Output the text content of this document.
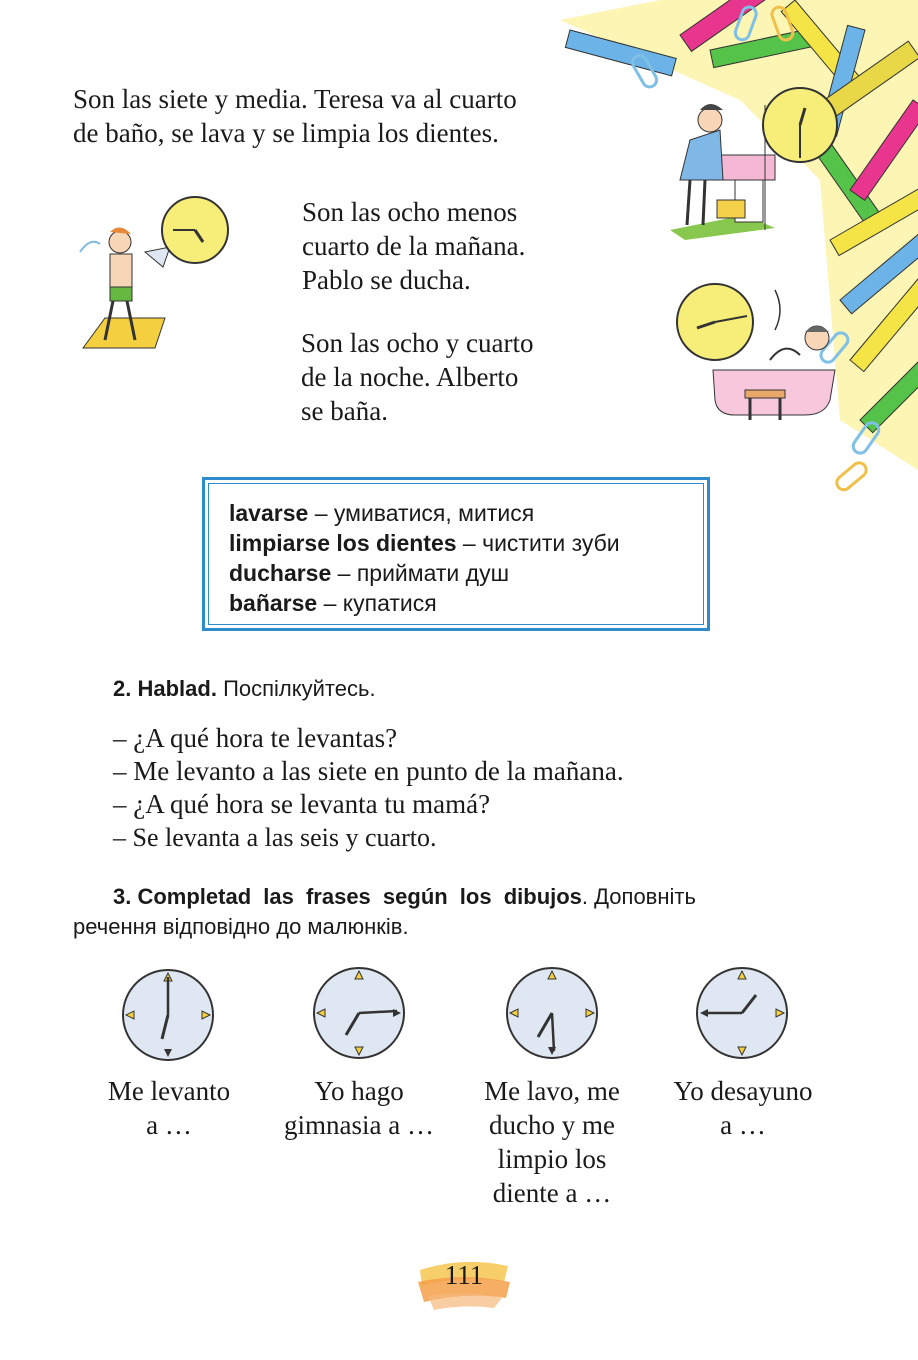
Son las siete y media. Teresa va al cuarto
de baño, se lava y se limpia los dientes.
Son las ocho menos
cuarto de la mañana.
Pablo se ducha.
Son las ocho y cuarto
de la noche. Alberto
se baña.
lavarse – умиватися, митися
limpiarse los dientes – чистити зуби
ducharse – приймати душ
bañarse – купатися
2. Hablad. Поспілкуйтесь.
– ¿A qué hora te levantas?
– Me levanto a las siete en punto de la mañana.
– ¿A qué hora se levanta tu mamá?
– Se levanta a las seis y cuarto.
3. Completad las frases según los dibujos. Доповніть
речення відповідно до малюнків.
Me levanto
a …
Yo hago
gimnasia a …
Me lavo, me
ducho y me
limpio los
diente a …
Yo desayuno
a …
111
